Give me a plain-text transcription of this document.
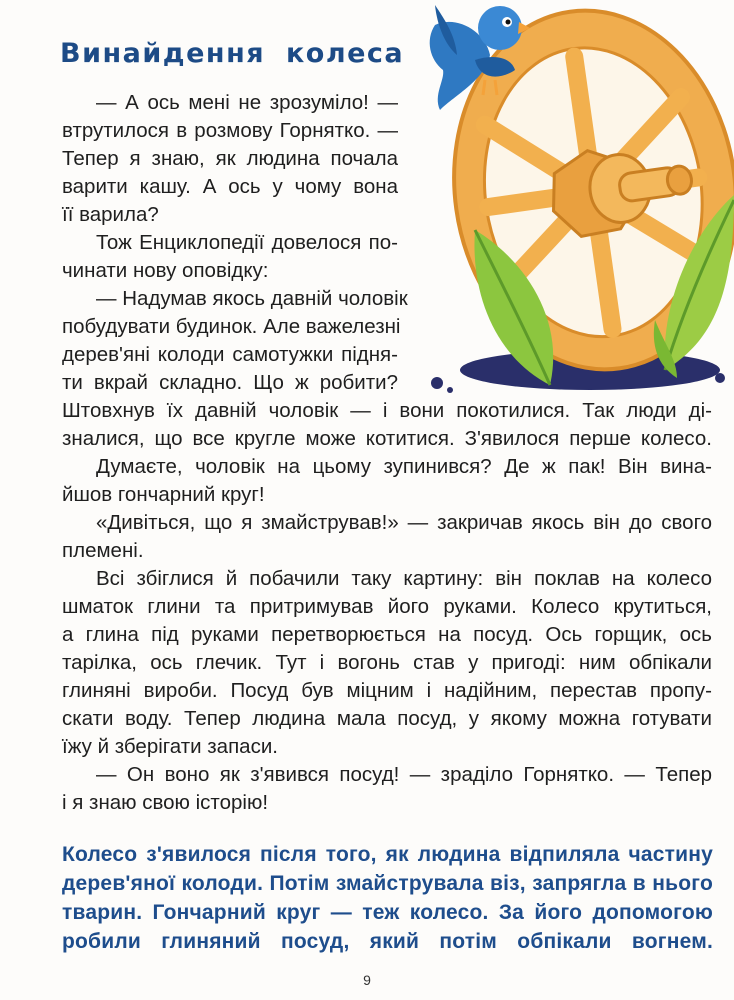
Винайдення колеса
— А ось мені не зрозуміло! —
втрутилося в розмову Горнятко. —
Тепер я знаю, як людина почала
варити кашу. А ось у чому вона
її варила?
Тож Енциклопедії довелося по-
чинати нову оповідку:
— Надумав якось давній чоловік
побудувати будинок. Але важелезні
дерев'яні колоди самотужки підня-
ти вкрай складно. Що ж робити?
Штовхнув їх давній чоловік — і вони покотилися. Так люди ді-
зналися, що все кругле може котитися. З'явилося перше колесо.
Думаєте, чоловік на цьому зупинився? Де ж пак! Він вина-
йшов гончарний круг!
«Дивіться, що я змайстрував!» — закричав якось він до свого
племені.
Всі збіглися й побачили таку картину: він поклав на колесо
шматок глини та притримував його руками. Колесо крутиться,
а глина під руками перетворюється на посуд. Ось горщик, ось
тарілка, ось глечик. Тут і вогонь став у пригоді: ним обпікали
глиняні вироби. Посуд був міцним і надійним, перестав пропу-
скати воду. Тепер людина мала посуд, у якому можна готувати
їжу й зберігати запаси.
— Он воно як з'явився посуд! — зраділо Горнятко. — Тепер
і я знаю свою історію!
Колесо з'явилося після того, як людина відпиляла частину
дерев'яної колоди. Потім змайструвала віз, запрягла в нього
тварин. Гончарний круг — теж колесо. За його допомогою
робили глиняний посуд, який потім обпікали вогнем.
9
